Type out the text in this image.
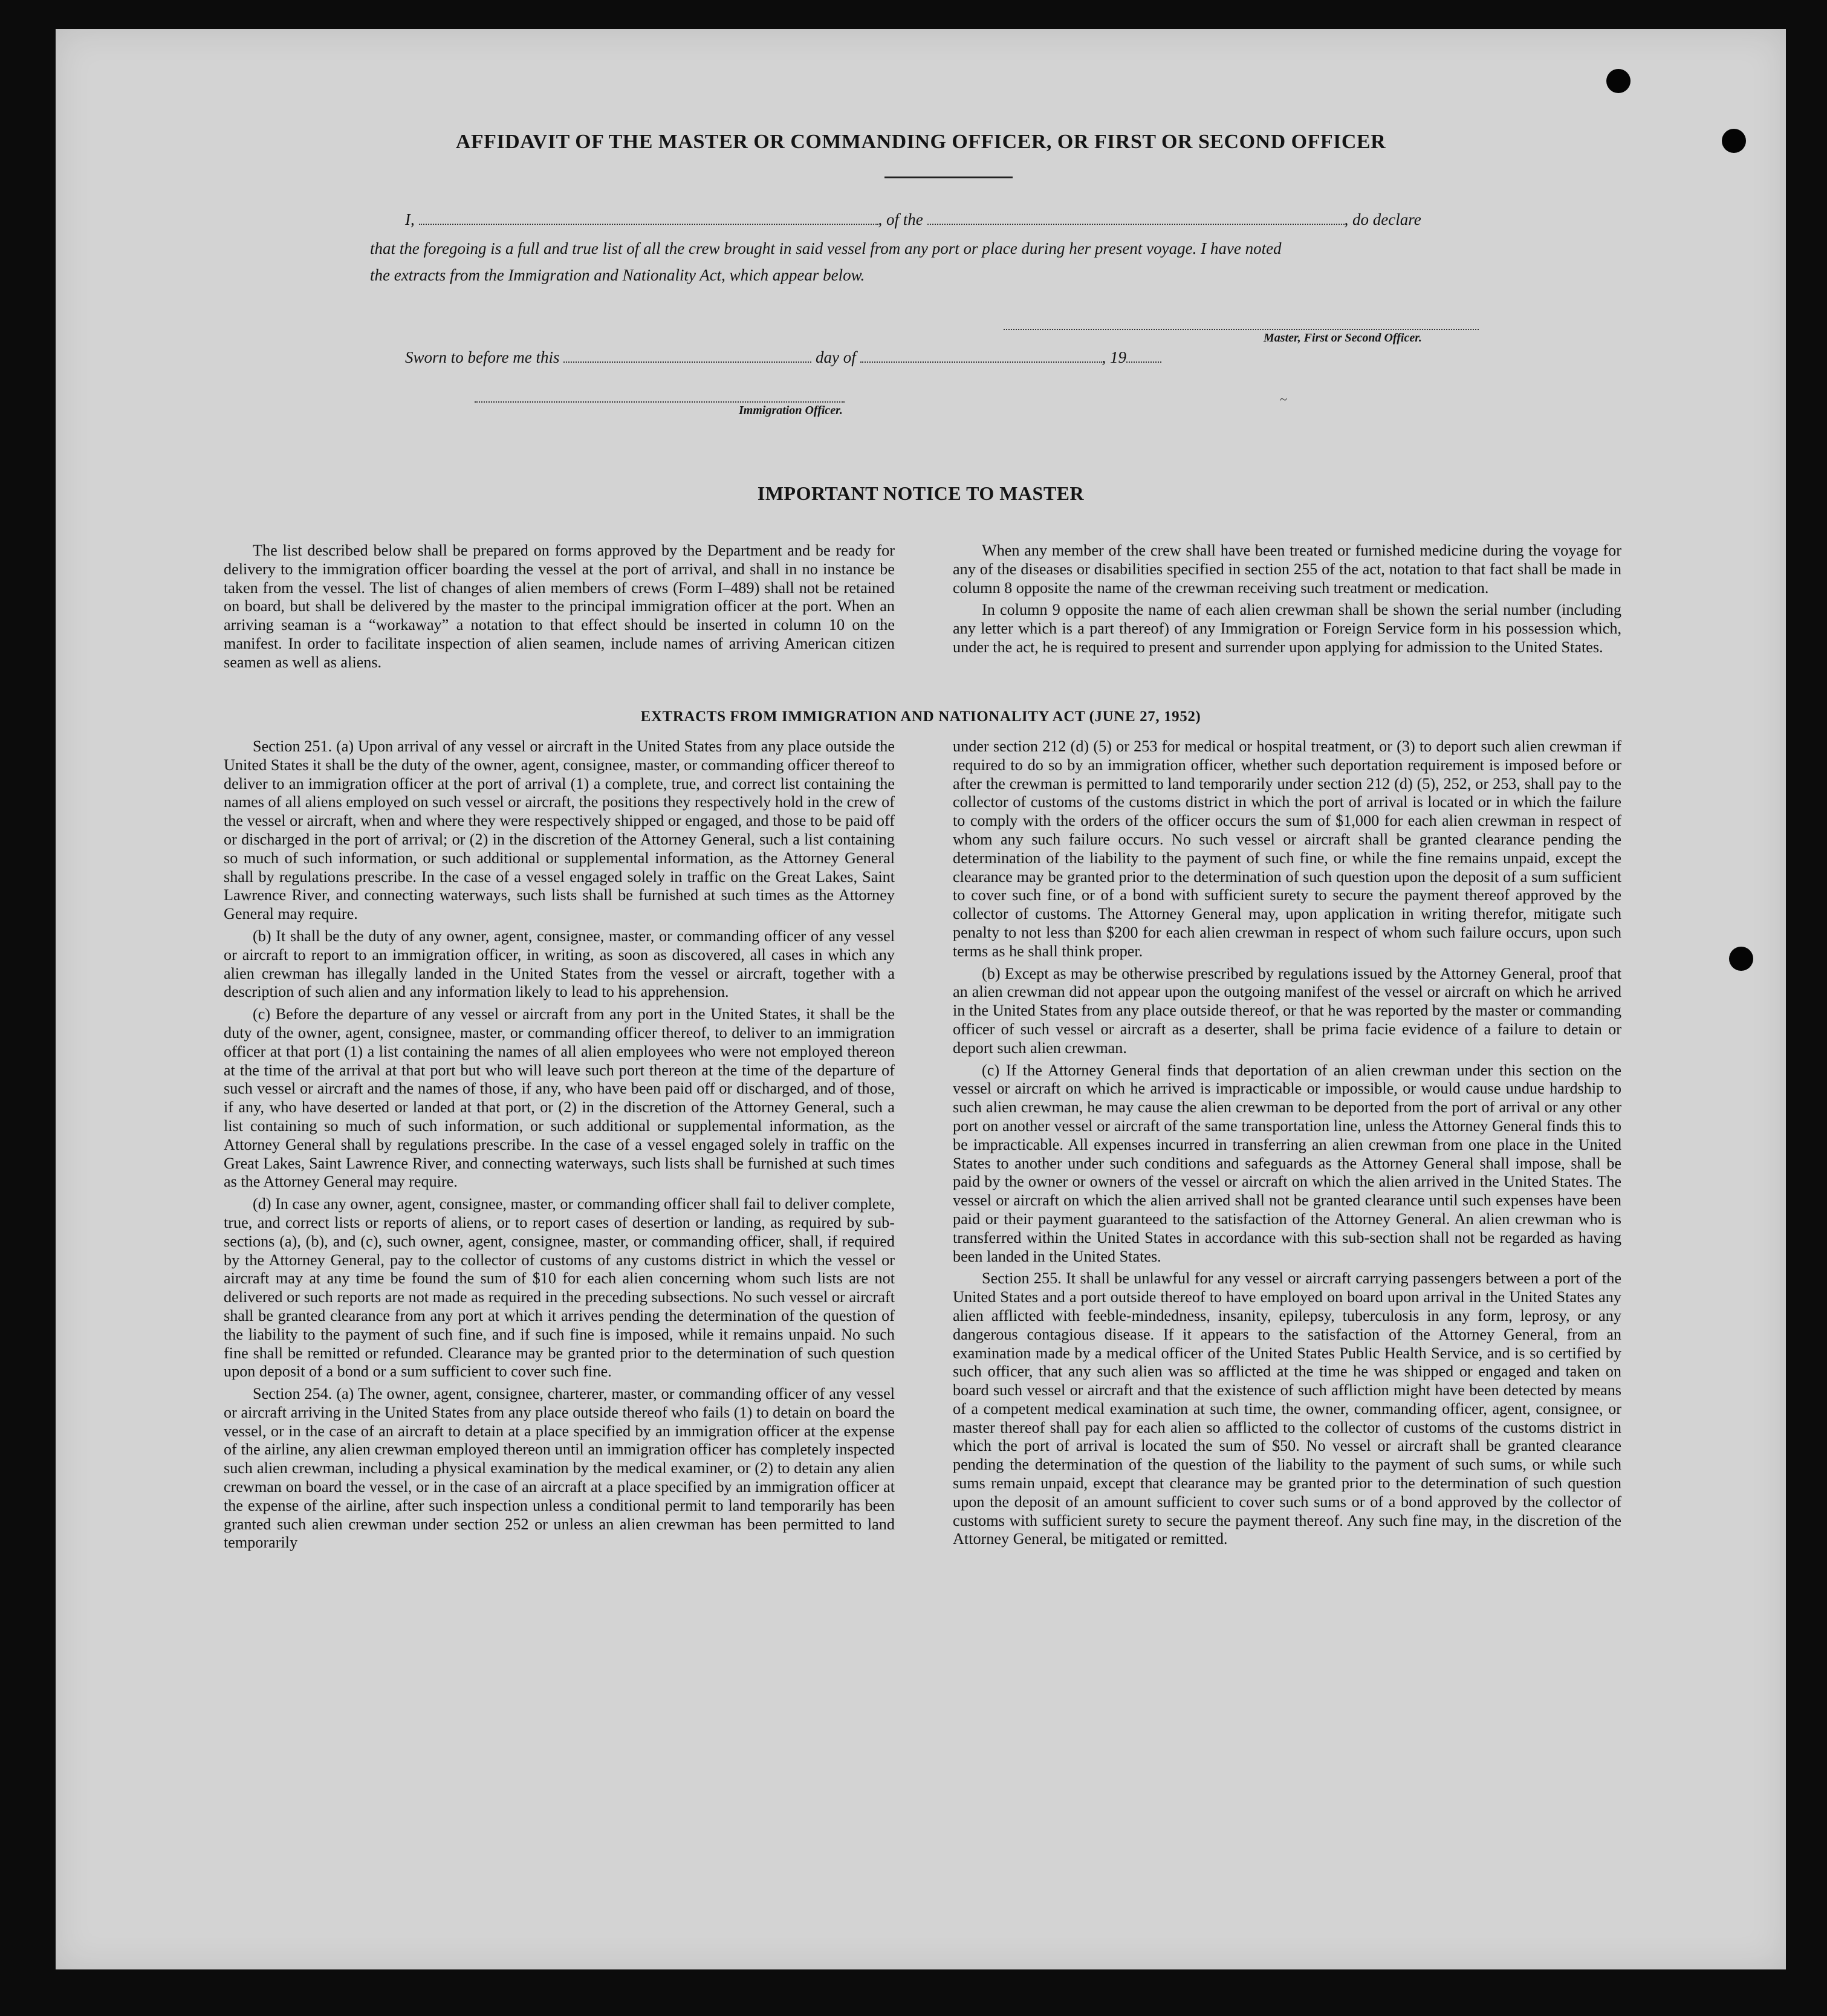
~
AFFIDAVIT OF THE MASTER OR COMMANDING OFFICER, OR FIRST OR SECOND OFFICER
I,	, of the	, do declare
that the foregoing is a full and true list of all the crew brought in said vessel from any port or place during her present voyage. I have noted
the extracts from the Immigration and Nationality Act, which appear below.
Master, First or Second Officer.
Sworn to before me this	day of	, 19
Immigration Officer.
IMPORTANT NOTICE TO MASTER

The list described below shall be prepared on forms approved by the Department and be ready for delivery to the immigration officer boarding the vessel at the port of arrival, and shall in no instance be taken from the vessel. The list of changes of alien members of crews (Form I–489) shall not be retained on board, but shall be delivered by the master to the principal immigration officer at the port. When an arriving seaman is a “workaway” a notation to that effect should be inserted in column 10 on the manifest. In order to facilitate inspection of alien seamen, include names of arriving American citizen seamen as well as aliens.

When any member of the crew shall have been treated or furnished medicine during the voyage for any of the diseases or disabilities specified in section 255 of the act, notation to that fact shall be made in column 8 opposite the name of the crewman receiving such treatment or medication.

In column 9 opposite the name of each alien crewman shall be shown the serial number (including any letter which is a part thereof) of any Immigration or Foreign Service form in his possession which, under the act, he is required to present and surrender upon applying for admission to the United States.

EXTRACTS FROM IMMIGRATION AND NATIONALITY ACT (JUNE 27, 1952)

Section 251. (a) Upon arrival of any vessel or aircraft in the United States from any place outside the United States it shall be the duty of the owner, agent, consignee, master, or commanding officer thereof to deliver to an immigration officer at the port of arrival (1) a complete, true, and correct list containing the names of all aliens employed on such vessel or aircraft, the positions they respectively hold in the crew of the vessel or aircraft, when and where they were respectively shipped or engaged, and those to be paid off or discharged in the port of arrival; or (2) in the discretion of the Attorney General, such a list containing so much of such information, or such additional or supplemental information, as the Attorney General shall by regulations prescribe. In the case of a vessel engaged solely in traffic on the Great Lakes, Saint Lawrence River, and connecting waterways, such lists shall be furnished at such times as the Attorney General may require.

(b) It shall be the duty of any owner, agent, consignee, master, or commanding officer of any vessel or aircraft to report to an immigration officer, in writing, as soon as discovered, all cases in which any alien crewman has illegally landed in the United States from the vessel or aircraft, together with a description of such alien and any information likely to lead to his apprehension.

(c) Before the departure of any vessel or aircraft from any port in the United States, it shall be the duty of the owner, agent, consignee, master, or commanding officer thereof, to deliver to an immigration officer at that port (1) a list containing the names of all alien employees who were not employed thereon at the time of the arrival at that port but who will leave such port thereon at the time of the departure of such vessel or aircraft and the names of those, if any, who have been paid off or discharged, and of those, if any, who have deserted or landed at that port, or (2) in the discretion of the Attorney General, such a list containing so much of such information, or such additional or supplemental information, as the Attorney General shall by regulations prescribe. In the case of a vessel engaged solely in traffic on the Great Lakes, Saint Lawrence River, and connecting waterways, such lists shall be furnished at such times as the Attorney General may require.

(d) In case any owner, agent, consignee, master, or commanding officer shall fail to deliver complete, true, and correct lists or reports of aliens, or to report cases of desertion or landing, as required by sub-sections (a), (b), and (c), such owner, agent, consignee, master, or commanding officer, shall, if required by the Attorney General, pay to the collector of customs of any customs district in which the vessel or aircraft may at any time be found the sum of $10 for each alien concerning whom such lists are not delivered or such reports are not made as required in the preceding subsections. No such vessel or aircraft shall be granted clearance from any port at which it arrives pending the determination of the question of the liability to the payment of such fine, and if such fine is imposed, while it remains unpaid. No such fine shall be remitted or refunded. Clearance may be granted prior to the determination of such question upon deposit of a bond or a sum sufficient to cover such fine.

Section 254. (a) The owner, agent, consignee, charterer, master, or commanding officer of any vessel or aircraft arriving in the United States from any place outside thereof who fails (1) to detain on board the vessel, or in the case of an aircraft to detain at a place specified by an immigration officer at the expense of the airline, any alien crewman employed thereon until an immigration officer has completely inspected such alien crewman, including a physical examination by the medical examiner, or (2) to detain any alien crewman on board the vessel, or in the case of an aircraft at a place specified by an immigration officer at the expense of the airline, after such inspection unless a conditional permit to land temporarily has been granted such alien crewman under section 252 or unless an alien crewman has been permitted to land temporarily

under section 212 (d) (5) or 253 for medical or hospital treatment, or (3) to deport such alien crewman if required to do so by an immigration officer, whether such deportation requirement is imposed before or after the crewman is permitted to land temporarily under section 212 (d) (5), 252, or 253, shall pay to the collector of customs of the customs district in which the port of arrival is located or in which the failure to comply with the orders of the officer occurs the sum of $1,000 for each alien crewman in respect of whom any such failure occurs. No such vessel or aircraft shall be granted clearance pending the determination of the liability to the payment of such fine, or while the fine remains unpaid, except the clearance may be granted prior to the determination of such question upon the deposit of a sum sufficient to cover such fine, or of a bond with sufficient surety to secure the payment thereof approved by the collector of customs. The Attorney General may, upon application in writing therefor, mitigate such penalty to not less than $200 for each alien crewman in respect of whom such failure occurs, upon such terms as he shall think proper.

(b) Except as may be otherwise prescribed by regulations issued by the Attorney General, proof that an alien crewman did not appear upon the outgoing manifest of the vessel or aircraft on which he arrived in the United States from any place outside thereof, or that he was reported by the master or commanding officer of such vessel or aircraft as a deserter, shall be prima facie evidence of a failure to detain or deport such alien crewman.

(c) If the Attorney General finds that deportation of an alien crewman under this section on the vessel or aircraft on which he arrived is impracticable or impossible, or would cause undue hardship to such alien crewman, he may cause the alien crewman to be deported from the port of arrival or any other port on another vessel or aircraft of the same transportation line, unless the Attorney General finds this to be impracticable. All expenses incurred in transferring an alien crewman from one place in the United States to another under such conditions and safeguards as the Attorney General shall impose, shall be paid by the owner or owners of the vessel or aircraft on which the alien arrived in the United States. The vessel or aircraft on which the alien arrived shall not be granted clearance until such expenses have been paid or their payment guaranteed to the satisfaction of the Attorney General. An alien crewman who is transferred within the United States in accordance with this sub-section shall not be regarded as having been landed in the United States.

Section 255. It shall be unlawful for any vessel or aircraft carrying passengers between a port of the United States and a port outside thereof to have employed on board upon arrival in the United States any alien afflicted with feeble-mindedness, insanity, epilepsy, tuberculosis in any form, leprosy, or any dangerous contagious disease. If it appears to the satisfaction of the Attorney General, from an examination made by a medical officer of the United States Public Health Service, and is so certified by such officer, that any such alien was so afflicted at the time he was shipped or engaged and taken on board such vessel or aircraft and that the existence of such affliction might have been detected by means of a competent medical examination at such time, the owner, commanding officer, agent, consignee, or master thereof shall pay for each alien so afflicted to the collector of customs of the customs district in which the port of arrival is located the sum of $50. No vessel or aircraft shall be granted clearance pending the determination of the question of the liability to the payment of such sums, or while such sums remain unpaid, except that clearance may be granted prior to the determination of such question upon the deposit of an amount sufficient to cover such sums or of a bond approved by the collector of customs with sufficient surety to secure the payment thereof. Any such fine may, in the discretion of the Attorney General, be mitigated or remitted.
